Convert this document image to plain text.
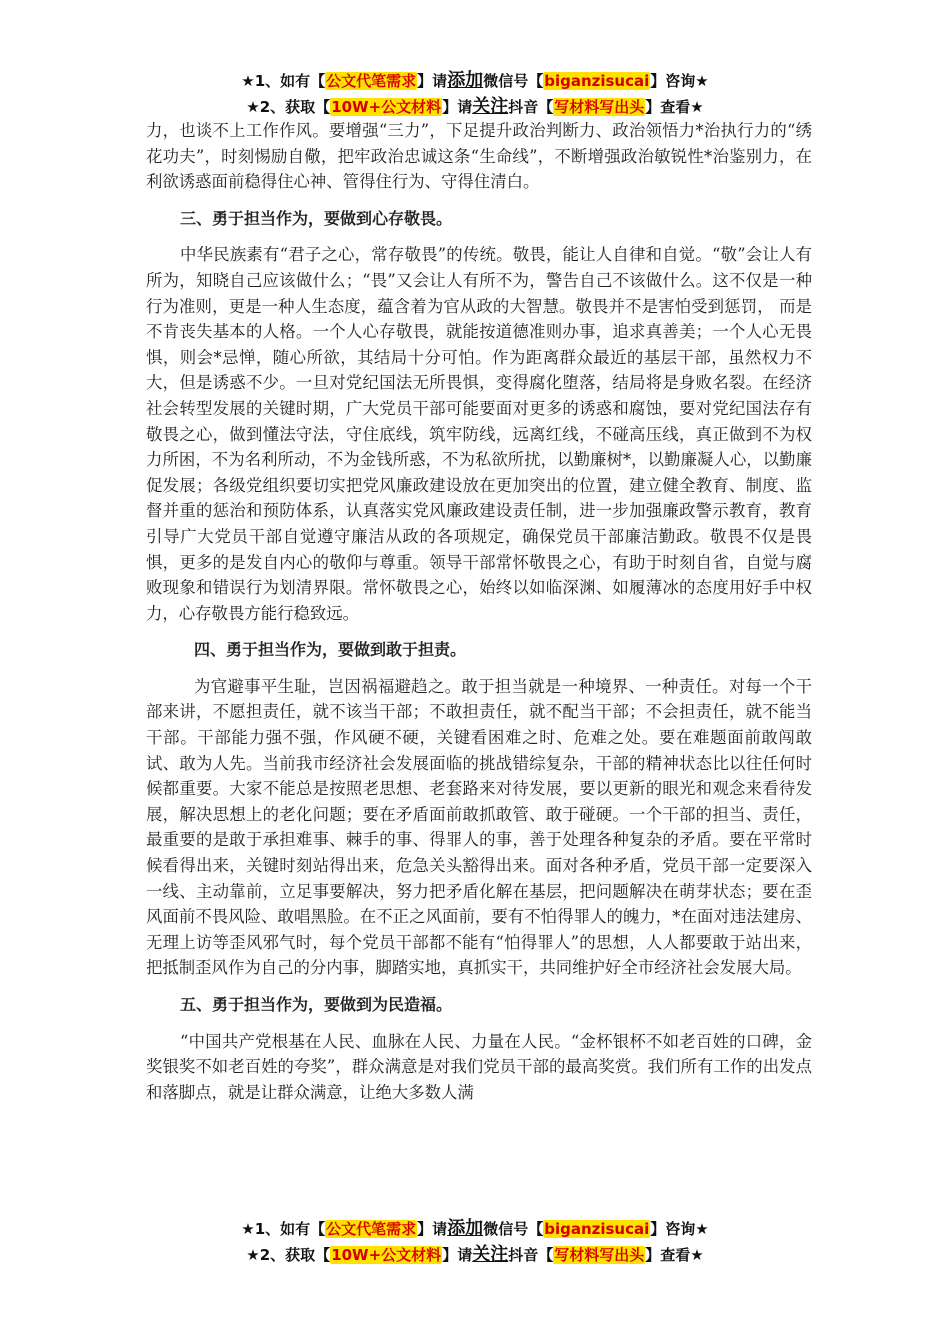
★1、如有【公文代笔需求】请添加微信号【biganzisucai】咨询★
★2、获取【10W+公文材料】请关注抖音【写材料写出头】查看★

力，也谈不上工作作风。要增强“三力”，下足提升政治判断力、政治领悟力*治执行力的“绣花功夫”，时刻惕励自儆，把牢政治忠诚这条“生命线”，不断增强政治敏锐性*治鉴别力，在利欲诱惑面前稳得住心神、管得住行为、守得住清白。

三、勇于担当作为，要做到心存敬畏。

中华民族素有“君子之心，常存敬畏”的传统。敬畏，能让人自律和自觉。“敬”会让人有所为，知晓自己应该做什么；“畏”又会让人有所不为，警告自己不该做什么。这不仅是一种行为准则，更是一种人生态度，蕴含着为官从政的大智慧。敬畏并不是害怕受到惩罚， 而是不肯丧失基本的人格。一个人心存敬畏，就能按道德准则办事，追求真善美；一个人心无畏惧，则会*忌惮，随心所欲，其结局十分可怕。作为距离群众最近的基层干部，虽然权力不大，但是诱惑不少。一旦对党纪国法无所畏惧，变得腐化堕落，结局将是身败名裂。在经济社会转型发展的关键时期，广大党员干部可能要面对更多的诱惑和腐蚀，要对党纪国法存有敬畏之心，做到懂法守法，守住底线，筑牢防线，远离红线，不碰高压线，真正做到不为权力所困，不为名利所动，不为金钱所惑，不为私欲所扰，以勤廉树*，以勤廉凝人心，以勤廉促发展；各级党组织要切实把党风廉政建设放在更加突出的位置，建立健全教育、制度、监督并重的惩治和预防体系，认真落实党风廉政建设责任制，进一步加强廉政警示教育，教育引导广大党员干部自觉遵守廉洁从政的各项规定，确保党员干部廉洁勤政。敬畏不仅是畏惧，更多的是发自内心的敬仰与尊重。领导干部常怀敬畏之心，有助于时刻自省，自觉与腐败现象和错误行为划清界限。常怀敬畏之心，始终以如临深渊、如履薄冰的态度用好手中权力，心存敬畏方能行稳致远。

四、勇于担当作为，要做到敢于担责。

为官避事平生耻，岂因祸福避趋之。敢于担当就是一种境界、一种责任。对每一个干部来讲，不愿担责任，就不该当干部；不敢担责任，就不配当干部；不会担责任，就不能当干部。干部能力强不强，作风硬不硬，关键看困难之时、危难之处。要在难题面前敢闯敢试、敢为人先。当前我市经济社会发展面临的挑战错综复杂，干部的精神状态比以往任何时候都重要。大家不能总是按照老思想、老套路来对待发展，要以更新的眼光和观念来看待发展，解决思想上的老化问题；要在矛盾面前敢抓敢管、敢于碰硬。一个干部的担当、责任，最重要的是敢于承担难事、棘手的事、得罪人的事，善于处理各种复杂的矛盾。要在平常时候看得出来，关键时刻站得出来，危急关头豁得出来。面对各种矛盾，党员干部一定要深入一线、主动靠前，立足事要解决，努力把矛盾化解在基层，把问题解决在萌芽状态；要在歪风面前不畏风险、敢唱黑脸。在不正之风面前，要有不怕得罪人的魄力，*在面对违法建房、无理上访等歪风邪气时，每个党员干部都不能有“怕得罪人”的思想，人人都要敢于站出来，把抵制歪风作为自己的分内事，脚踏实地，真抓实干，共同维护好全市经济社会发展大局。

五、勇于担当作为，要做到为民造福。

“中国共产党根基在人民、血脉在人民、力量在人民。“金杯银杯不如老百姓的口碑，金奖银奖不如老百姓的夸奖”，群众满意是对我们党员干部的最高奖赏。我们所有工作的出发点和落脚点，就是让群众满意，让绝大多数人满

★1、如有【公文代笔需求】请添加微信号【biganzisucai】咨询★
★2、获取【10W+公文材料】请关注抖音【写材料写出头】查看★
